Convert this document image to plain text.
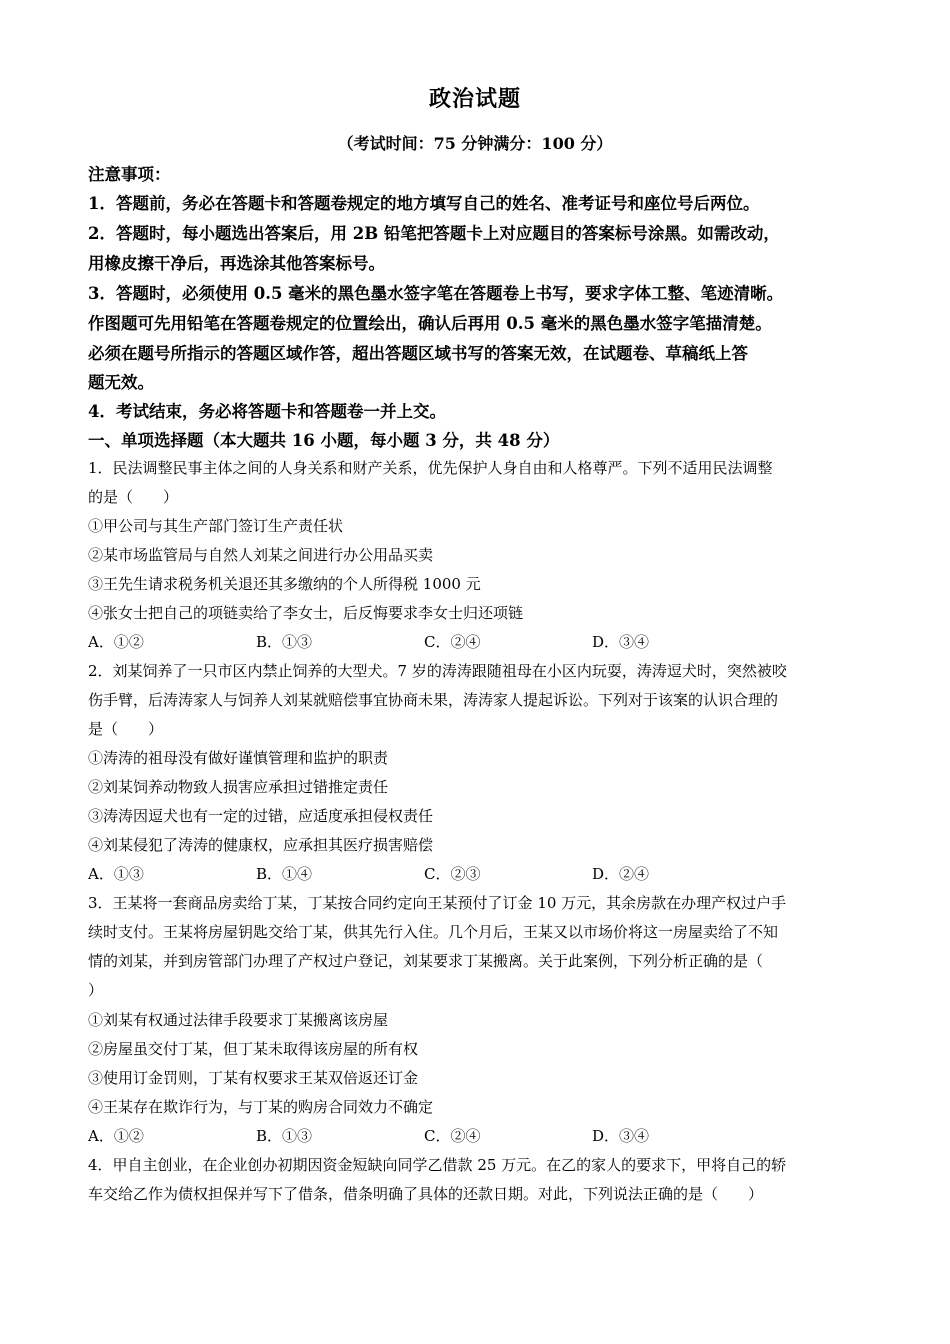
政治试题
（考试时间：75 分钟满分：100 分）
注意事项：
1．答题前，务必在答题卡和答题卷规定的地方填写自己的姓名、准考证号和座位号后两位。
2．答题时，每小题选出答案后，用 2B 铅笔把答题卡上对应题目的答案标号涂黑。如需改动，
用橡皮擦干净后，再选涂其他答案标号。
3．答题时，必须使用 0.5 毫米的黑色墨水签字笔在答题卷上书写，要求字体工整、笔迹清晰。
作图题可先用铅笔在答题卷规定的位置绘出，确认后再用 0.5 毫米的黑色墨水签字笔描清楚。
必须在题号所指示的答题区域作答，超出答题区域书写的答案无效，在试题卷、草稿纸上答
题无效。
4．考试结束，务必将答题卡和答题卷一并上交。
一、单项选择题（本大题共 16 小题，每小题 3 分，共 48 分）
1．民法调整民事主体之间的人身关系和财产关系，优先保护人身自由和人格尊严。下列不适用民法调整
的是（　　）
①甲公司与其生产部门签订生产责任状
②某市场监管局与自然人刘某之间进行办公用品买卖
③王先生请求税务机关退还其多缴纳的个人所得税 1000 元
④张女士把自己的项链卖给了李女士，后反悔要求李女士归还项链
A．①②	B．①③	C．②④	D．③④
2．刘某饲养了一只市区内禁止饲养的大型犬。7 岁的涛涛跟随祖母在小区内玩耍，涛涛逗犬时，突然被咬
伤手臂，后涛涛家人与饲养人刘某就赔偿事宜协商未果，涛涛家人提起诉讼。下列对于该案的认识合理的
是（　　）
①涛涛的祖母没有做好谨慎管理和监护的职责
②刘某饲养动物致人损害应承担过错推定责任
③涛涛因逗犬也有一定的过错，应适度承担侵权责任
④刘某侵犯了涛涛的健康权，应承担其医疗损害赔偿
A．①③	B．①④	C．②③	D．②④
3．王某将一套商品房卖给丁某，丁某按合同约定向王某预付了订金 10 万元，其余房款在办理产权过户手
续时支付。王某将房屋钥匙交给丁某，供其先行入住。几个月后，王某又以市场价将这一房屋卖给了不知
情的刘某，并到房管部门办理了产权过户登记，刘某要求丁某搬离。关于此案例，下列分析正确的是（
）
①刘某有权通过法律手段要求丁某搬离该房屋
②房屋虽交付丁某，但丁某未取得该房屋的所有权
③使用订金罚则，丁某有权要求王某双倍返还订金
④王某存在欺诈行为，与丁某的购房合同效力不确定
A．①②	B．①③	C．②④	D．③④
4．甲自主创业，在企业创办初期因资金短缺向同学乙借款 25 万元。在乙的家人的要求下，甲将自己的轿
车交给乙作为债权担保并写下了借条，借条明确了具体的还款日期。对此，下列说法正确的是（　　）
